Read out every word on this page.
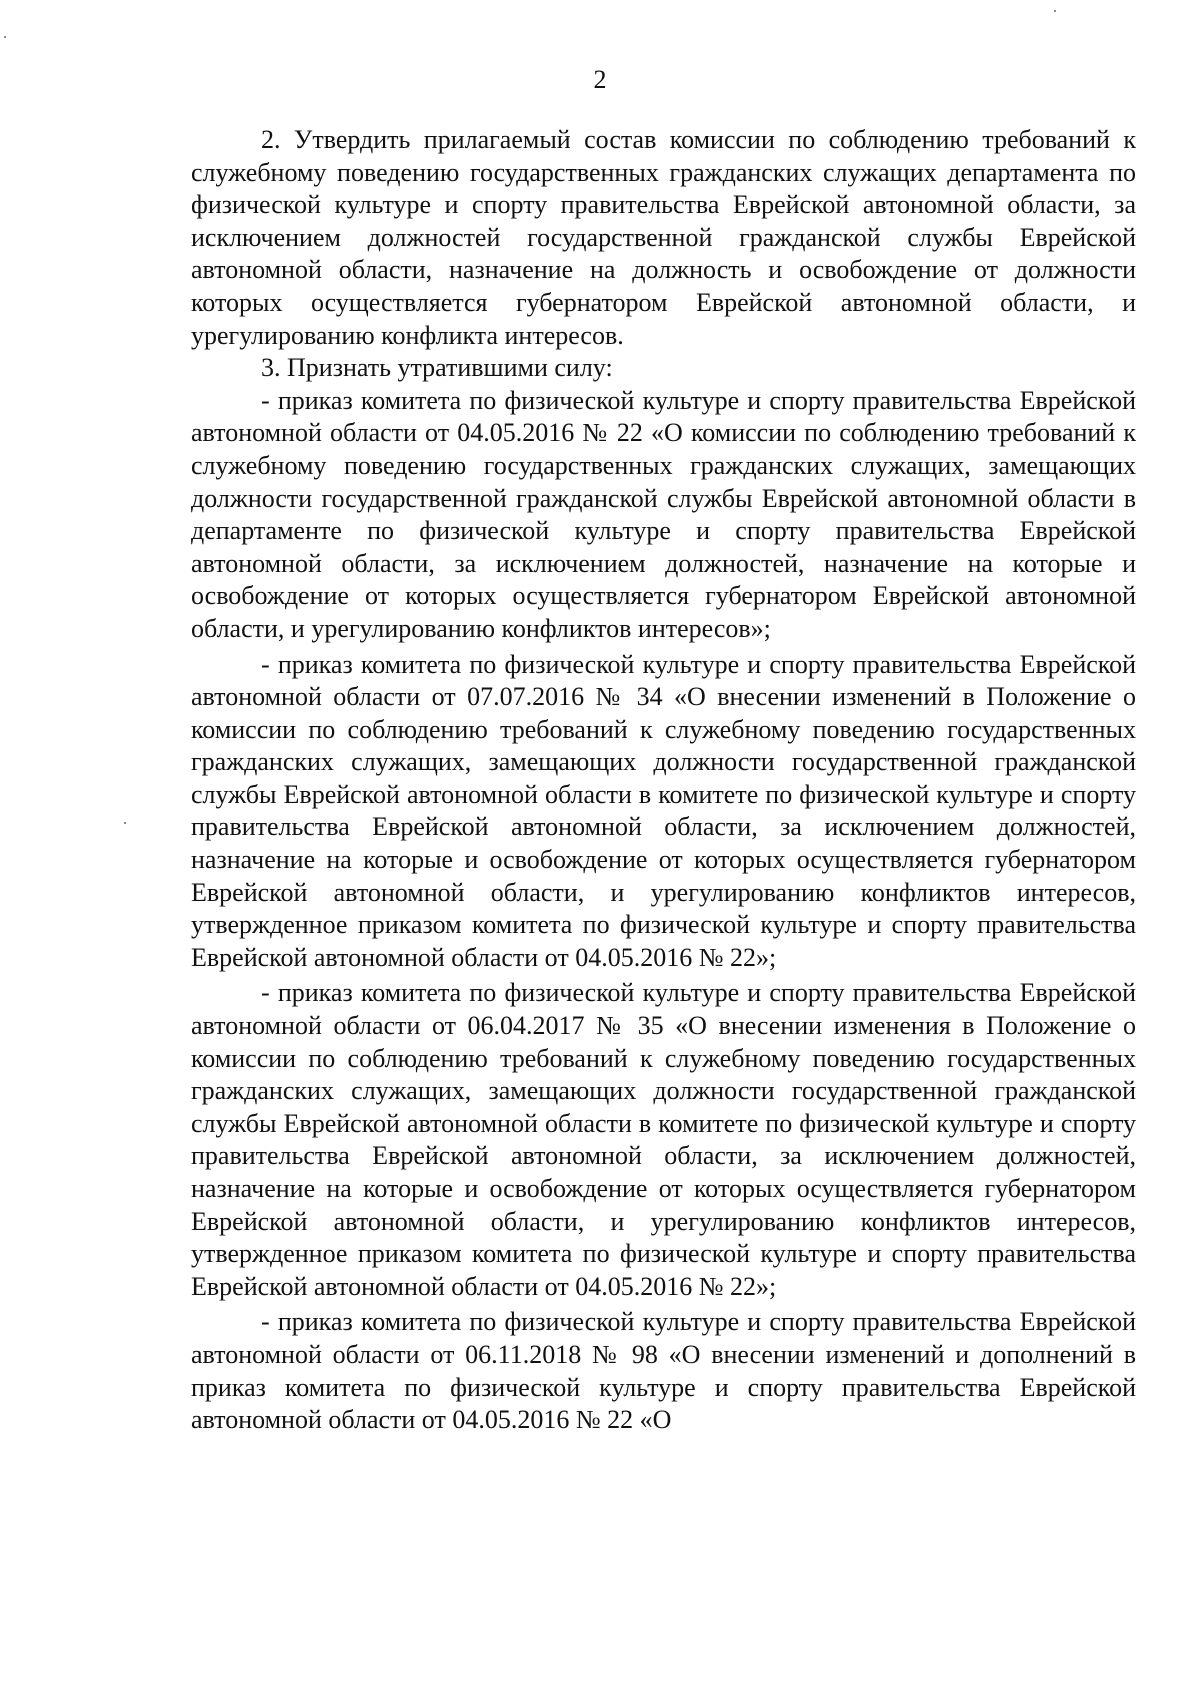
2

2. Утвердить прилагаемый состав комиссии по соблюдению требований к служебному поведению государственных гражданских служащих департамента по физической культуре и спорту правительства Еврейской автономной области, за исключением должностей государственной гражданской службы Еврейской автономной области, назначение на должность и освобождение от должности которых осуществляется губернатором Еврейской автономной области, и урегулированию конфликта интересов.

3. Признать утратившими силу:

- приказ комитета по физической культуре и спорту правительства Еврейской автономной области от 04.05.2016 № 22 «О комиссии по соблюдению требований к служебному поведению государственных гражданских служащих, замещающих должности государственной гражданской службы Еврейской автономной области в департаменте по физической культуре и спорту правительства Еврейской автономной области, за исключением должностей, назначение на которые и освобождение от которых осуществляется губернатором Еврейской автономной области, и урегулированию конфликтов интересов»;

- приказ комитета по физической культуре и спорту правительства Еврейской автономной области от 07.07.2016 № 34 «О внесении изменений в Положение о комиссии по соблюдению требований к служебному поведению государственных гражданских служащих, замещающих должности государственной гражданской службы Еврейской автономной области в комитете по физической культуре и спорту правительства Еврейской автономной области, за исключением должностей, назначение на которые и освобождение от которых осуществляется губернатором Еврейской автономной области, и урегулированию конфликтов интересов, утвержденное приказом комитета по физической культуре и спорту правительства Еврейской автономной области от 04.05.2016 № 22»;

- приказ комитета по физической культуре и спорту правительства Еврейской автономной области от 06.04.2017 № 35 «О внесении изменения в Положение о комиссии по соблюдению требований к служебному поведению государственных гражданских служащих, замещающих должности государственной гражданской службы Еврейской автономной области в комитете по физической культуре и спорту правительства Еврейской автономной области, за исключением должностей, назначение на которые и освобождение от которых осуществляется губернатором Еврейской автономной области, и урегулированию конфликтов интересов, утвержденное приказом комитета по физической культуре и спорту правительства Еврейской автономной области от 04.05.2016 № 22»;

- приказ комитета по физической культуре и спорту правительства Еврейской автономной области от 06.11.2018 № 98 «О внесении изменений и дополнений в приказ комитета по физической культуре и спорту правительства Еврейской автономной области от 04.05.2016 № 22 «О
